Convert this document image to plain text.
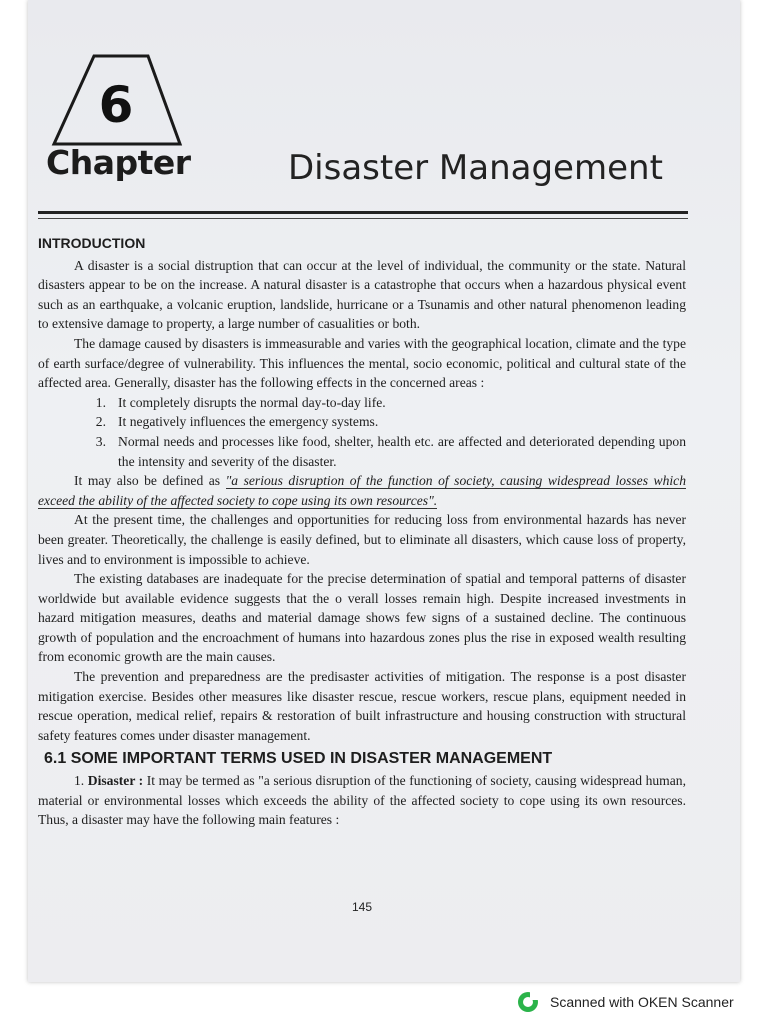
6
Chapter	Disaster Management
INTRODUCTION

A disaster is a social distruption that can occur at the level of individual, the community or the state. Natural disasters appear to be on the increase. A natural disaster is a catastrophe that occurs when a hazardous physical event such as an earthquake, a volcanic eruption, landslide, hurricane or a Tsunamis and other natural phenomenon leading to extensive damage to property, a large number of casualities or both.

The damage caused by disasters is immeasurable and varies with the geographical location, climate and the type of earth surface/degree of vulnerability. This influences the mental, socio economic, political and cultural state of the affected area. Generally, disaster has the following effects in the concerned areas :

1. It completely disrupts the normal day-to-day life.
2. It negatively influences the emergency systems.
3. Normal needs and processes like food, shelter, health etc. are affected and deteriorated depending upon the intensity and severity of the disaster.

It may also be defined as "a serious disruption of the function of society, causing widespread losses which exceed the ability of the affected society to cope using its own resources".

At the present time, the challenges and opportunities for reducing loss from environmental hazards has never been greater. Theoretically, the challenge is easily defined, but to eliminate all disasters, which cause loss of property, lives and to environment is impossible to achieve.

The existing databases are inadequate for the precise determination of spatial and temporal patterns of disaster worldwide but available evidence suggests that the o verall losses remain high. Despite increased investments in hazard mitigation measures, deaths and material damage shows few signs of a sustained decline. The continuous growth of population and the encroachment of humans into hazardous zones plus the rise in exposed wealth resulting from economic growth are the main causes.

The prevention and preparedness are the predisaster activities of mitigation. The response is a post disaster mitigation exercise. Besides other measures like disaster rescue, rescue workers, rescue plans, equipment needed in rescue operation, medical relief, repairs & restoration of built infrastructure and housing construction with structural safety features comes under disaster management.

6.1 SOME IMPORTANT TERMS USED IN DISASTER MANAGEMENT

1. Disaster : It may be termed as "a serious disruption of the functioning of society, causing widespread human, material or environmental losses which exceeds the ability of the affected society to cope using its own resources. Thus, a disaster may have the following main features :

145
Scanned with OKEN Scanner
